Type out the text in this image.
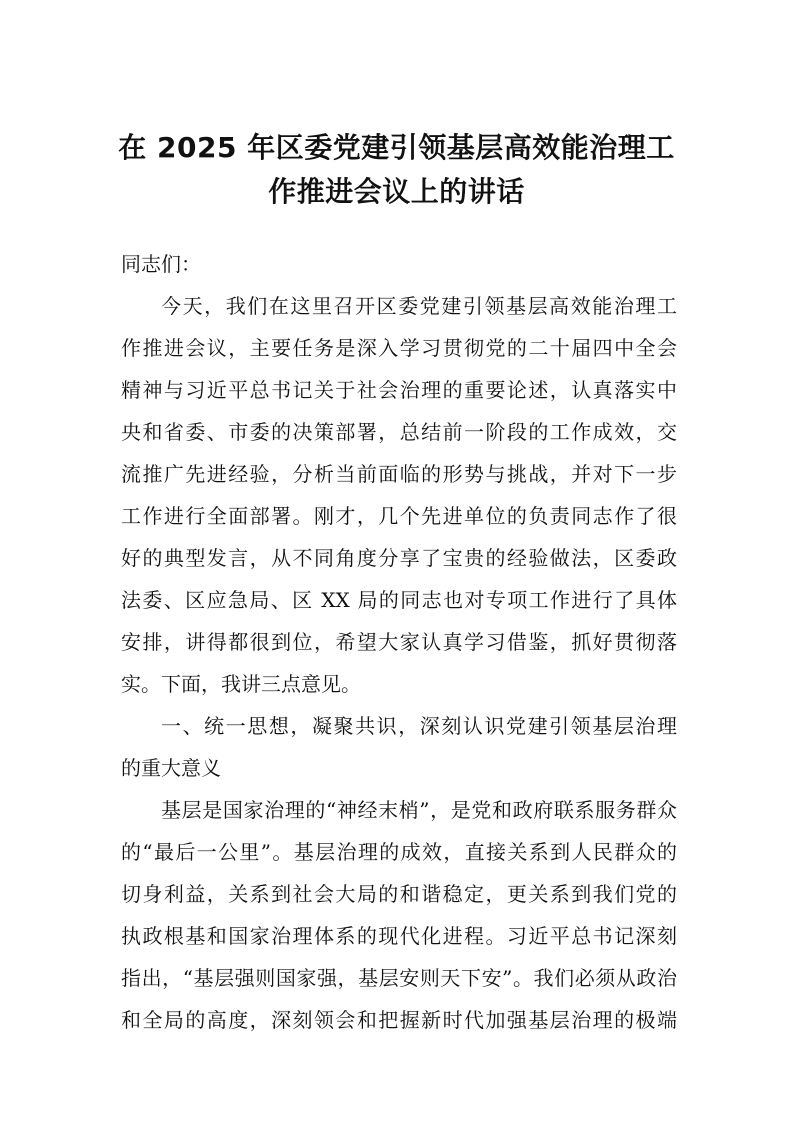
在 2025 年区委党建引领基层高效能治理工
作推进会议上的讲话

同志们：

今天，我们在这里召开区委党建引领基层高效能治理工

作推进会议，主要任务是深入学习贯彻党的二十届四中全会

精神与习近平总书记关于社会治理的重要论述，认真落实中

央和省委、市委的决策部署，总结前一阶段的工作成效，交

流推广先进经验，分析当前面临的形势与挑战，并对下一步

工作进行全面部署。刚才，几个先进单位的负责同志作了很

好的典型发言，从不同角度分享了宝贵的经验做法，区委政

法委、区应急局、区 XX 局的同志也对专项工作进行了具体

安排，讲得都很到位，希望大家认真学习借鉴，抓好贯彻落

实。下面，我讲三点意见。

一、统一思想，凝聚共识，深刻认识党建引领基层治理

的重大意义

基层是国家治理的“神经末梢”，是党和政府联系服务群众

的“最后一公里”。基层治理的成效，直接关系到人民群众的

切身利益，关系到社会大局的和谐稳定，更关系到我们党的

执政根基和国家治理体系的现代化进程。习近平总书记深刻

指出，“基层强则国家强，基层安则天下安”。我们必须从政治

和全局的高度，深刻领会和把握新时代加强基层治理的极端
